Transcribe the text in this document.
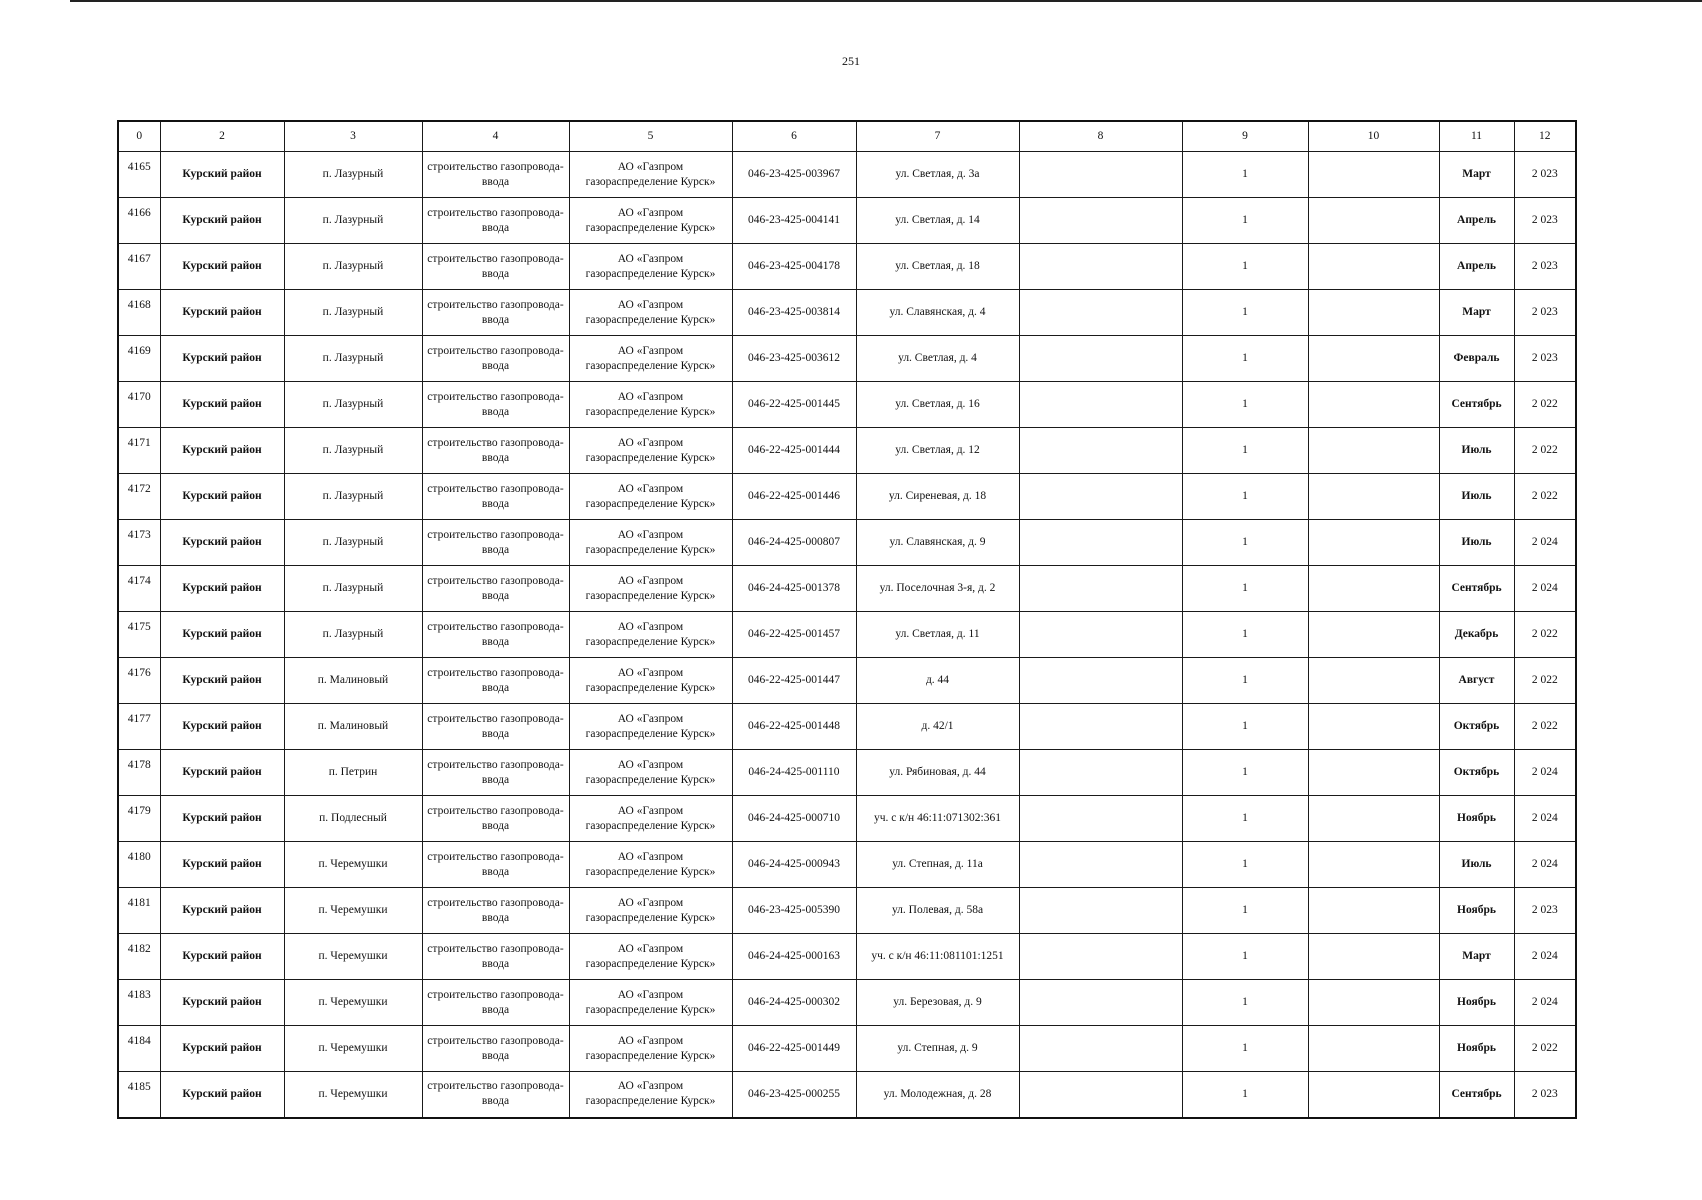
251
0	2	3	4	5	6	7	8	9	10	11	12
4165	Курский район	п. Лазурный	строительство газопровода-ввода	АО «Газпром газораспределение Курск»	046-23-425-003967	ул. Светлая, д. 3а		1		Март	2 023
4166	Курский район	п. Лазурный	строительство газопровода-ввода	АО «Газпром газораспределение Курск»	046-23-425-004141	ул. Светлая, д. 14		1		Апрель	2 023
4167	Курский район	п. Лазурный	строительство газопровода-ввода	АО «Газпром газораспределение Курск»	046-23-425-004178	ул. Светлая, д. 18		1		Апрель	2 023
4168	Курский район	п. Лазурный	строительство газопровода-ввода	АО «Газпром газораспределение Курск»	046-23-425-003814	ул. Славянская, д. 4		1		Март	2 023
4169	Курский район	п. Лазурный	строительство газопровода-ввода	АО «Газпром газораспределение Курск»	046-23-425-003612	ул. Светлая, д. 4		1		Февраль	2 023
4170	Курский район	п. Лазурный	строительство газопровода-ввода	АО «Газпром газораспределение Курск»	046-22-425-001445	ул. Светлая, д. 16		1		Сентябрь	2 022
4171	Курский район	п. Лазурный	строительство газопровода-ввода	АО «Газпром газораспределение Курск»	046-22-425-001444	ул. Светлая, д. 12		1		Июль	2 022
4172	Курский район	п. Лазурный	строительство газопровода-ввода	АО «Газпром газораспределение Курск»	046-22-425-001446	ул. Сиреневая, д. 18		1		Июль	2 022
4173	Курский район	п. Лазурный	строительство газопровода-ввода	АО «Газпром газораспределение Курск»	046-24-425-000807	ул. Славянская, д. 9		1		Июль	2 024
4174	Курский район	п. Лазурный	строительство газопровода-ввода	АО «Газпром газораспределение Курск»	046-24-425-001378	ул. Поселочная 3-я, д. 2		1		Сентябрь	2 024
4175	Курский район	п. Лазурный	строительство газопровода-ввода	АО «Газпром газораспределение Курск»	046-22-425-001457	ул. Светлая, д. 11		1		Декабрь	2 022
4176	Курский район	п. Малиновый	строительство газопровода-ввода	АО «Газпром газораспределение Курск»	046-22-425-001447	д. 44		1		Август	2 022
4177	Курский район	п. Малиновый	строительство газопровода-ввода	АО «Газпром газораспределение Курск»	046-22-425-001448	д. 42/1		1		Октябрь	2 022
4178	Курский район	п. Петрин	строительство газопровода-ввода	АО «Газпром газораспределение Курск»	046-24-425-001110	ул. Рябиновая, д. 44		1		Октябрь	2 024
4179	Курский район	п. Подлесный	строительство газопровода-ввода	АО «Газпром газораспределение Курск»	046-24-425-000710	уч. с к/н 46:11:071302:361		1		Ноябрь	2 024
4180	Курский район	п. Черемушки	строительство газопровода-ввода	АО «Газпром газораспределение Курск»	046-24-425-000943	ул. Степная, д. 11а		1		Июль	2 024
4181	Курский район	п. Черемушки	строительство газопровода-ввода	АО «Газпром газораспределение Курск»	046-23-425-005390	ул. Полевая, д. 58а		1		Ноябрь	2 023
4182	Курский район	п. Черемушки	строительство газопровода-ввода	АО «Газпром газораспределение Курск»	046-24-425-000163	уч. с к/н 46:11:081101:1251		1		Март	2 024
4183	Курский район	п. Черемушки	строительство газопровода-ввода	АО «Газпром газораспределение Курск»	046-24-425-000302	ул. Березовая, д. 9		1		Ноябрь	2 024
4184	Курский район	п. Черемушки	строительство газопровода-ввода	АО «Газпром газораспределение Курск»	046-22-425-001449	ул. Степная, д. 9		1		Ноябрь	2 022
4185	Курский район	п. Черемушки	строительство газопровода-ввода	АО «Газпром газораспределение Курск»	046-23-425-000255	ул. Молодежная, д. 28		1		Сентябрь	2 023
